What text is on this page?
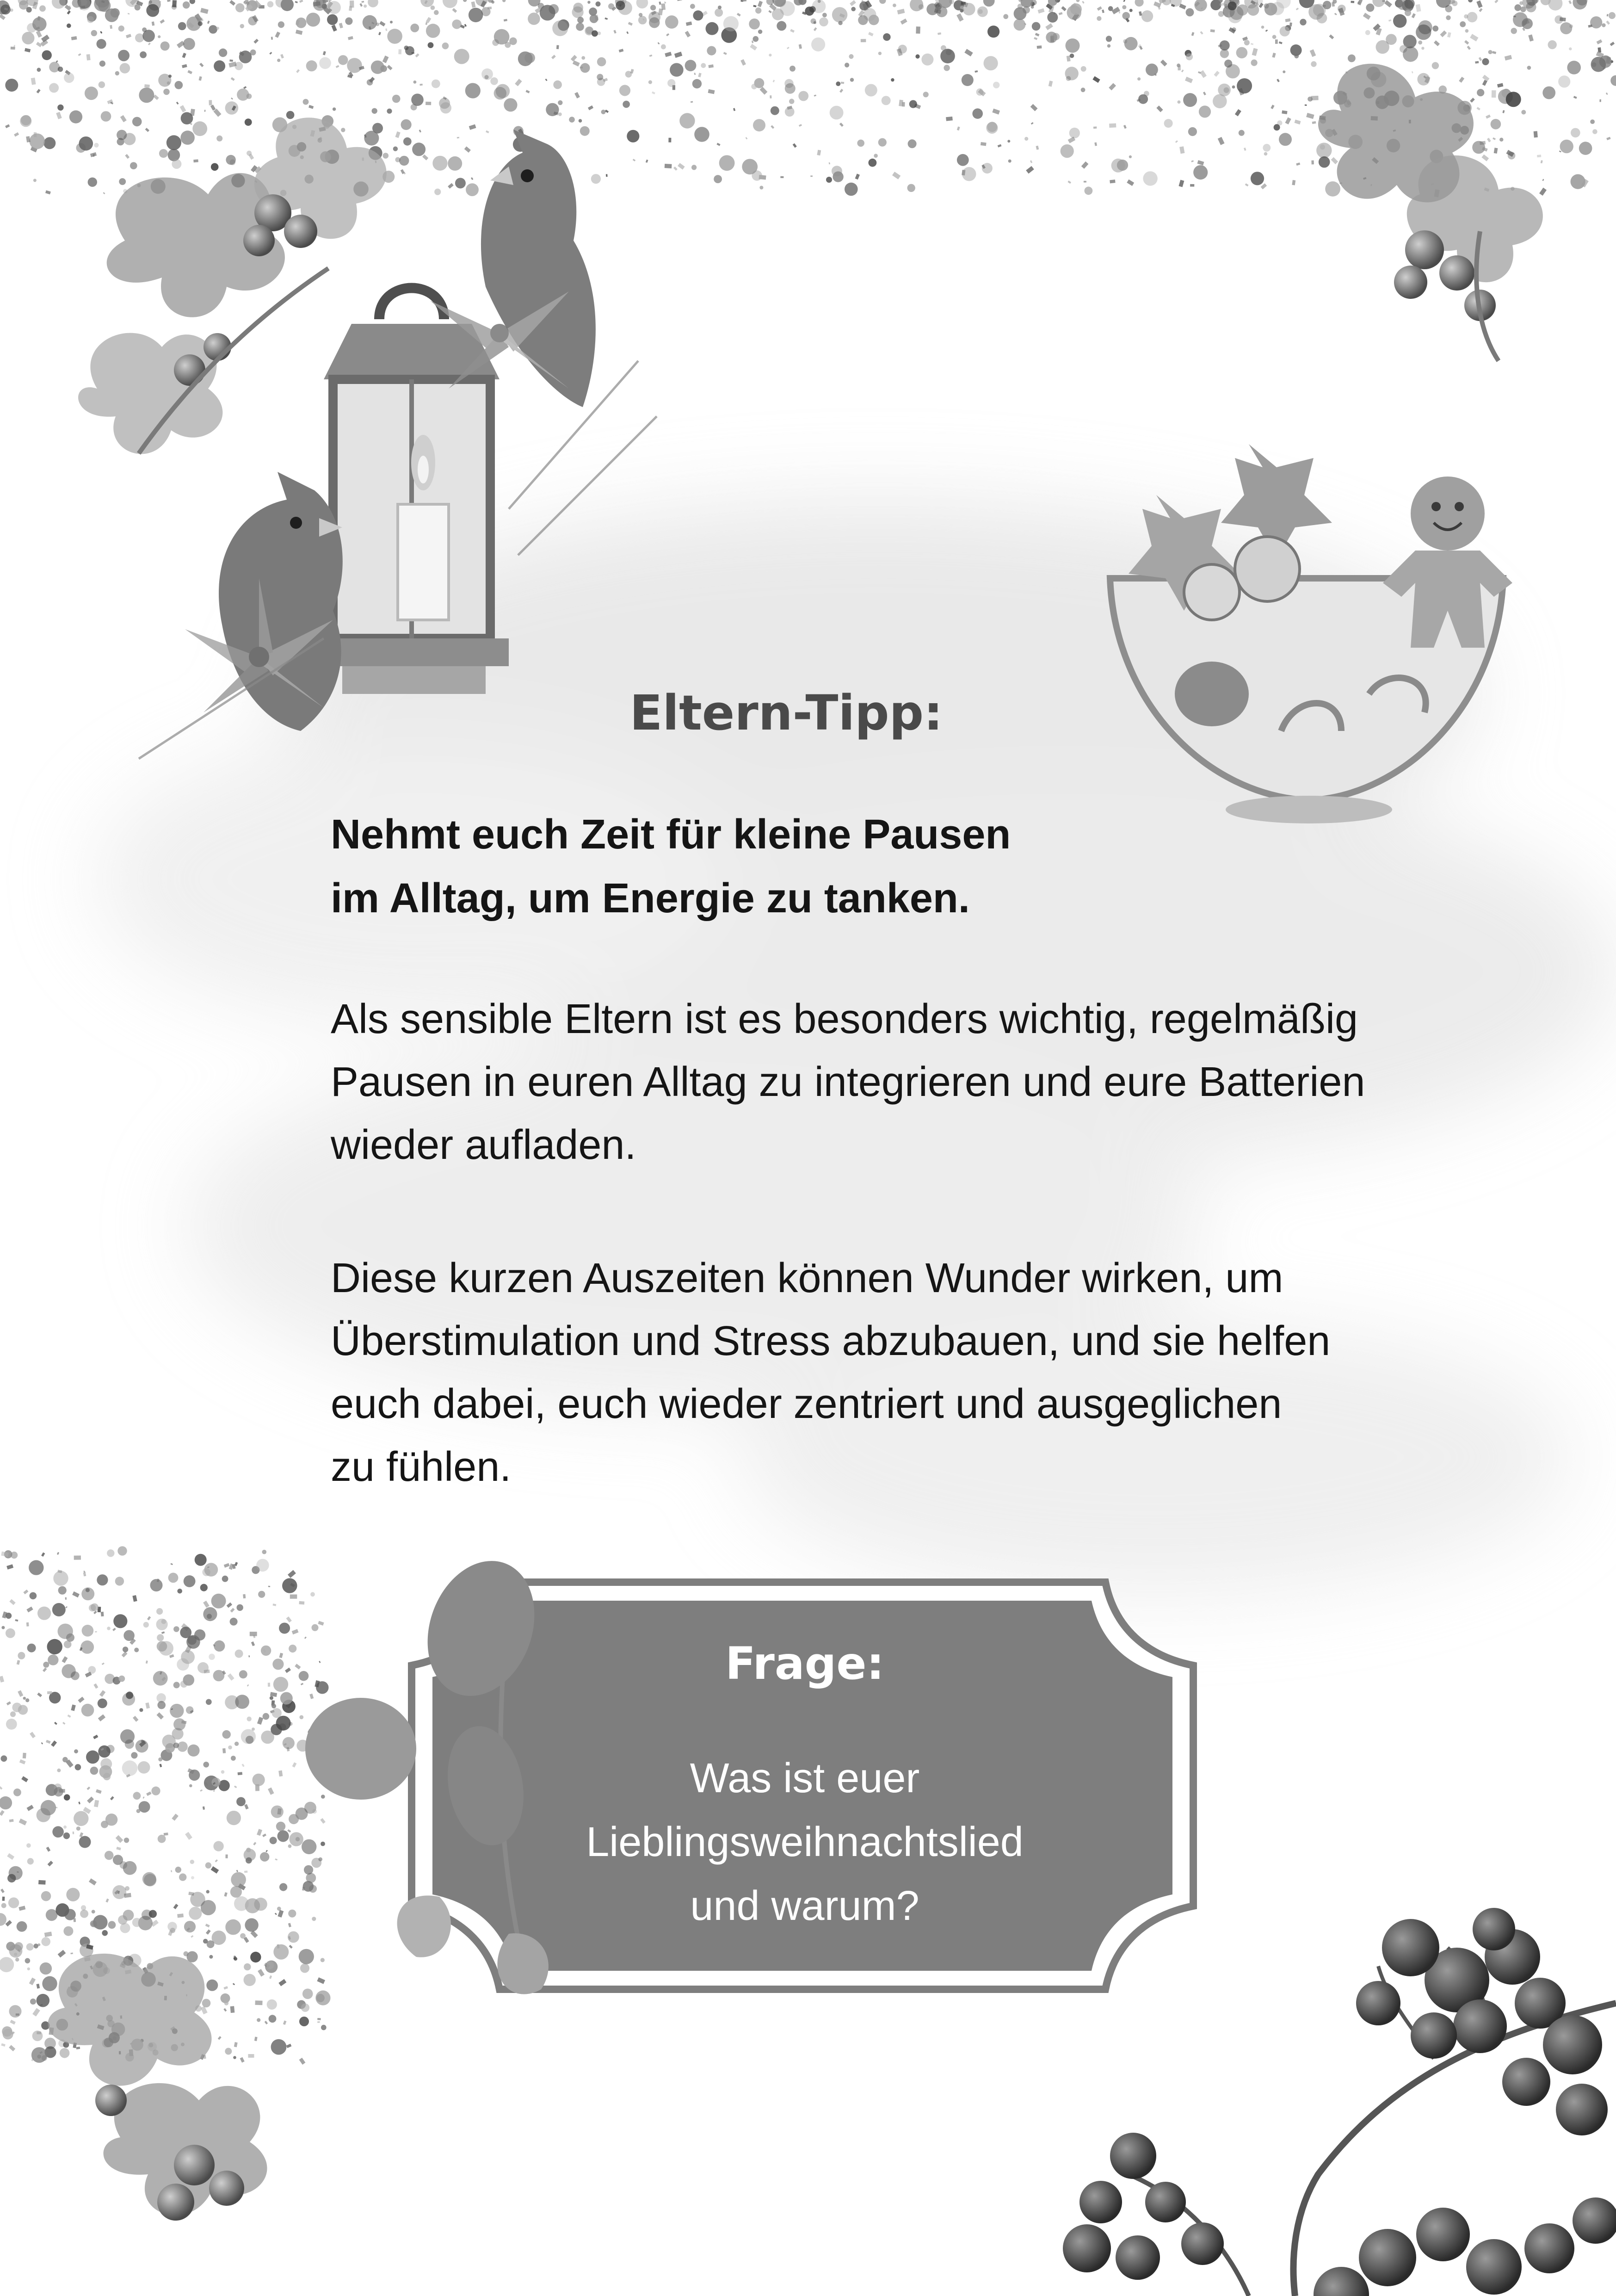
Eltern-Tipp:
Nehmt euch Zeit für kleine Pausen
im Alltag, um Energie zu tanken.
Als sensible Eltern ist es besonders wichtig, regelmäßig
Pausen in euren Alltag zu integrieren und eure Batterien
wieder aufladen.
Diese kurzen Auszeiten können Wunder wirken, um
Überstimulation und Stress abzubauen, und sie helfen
euch dabei, euch wieder zentriert und ausgeglichen
zu fühlen.
Frage:
Was ist euer
Lieblingsweihnachtslied
und warum?
